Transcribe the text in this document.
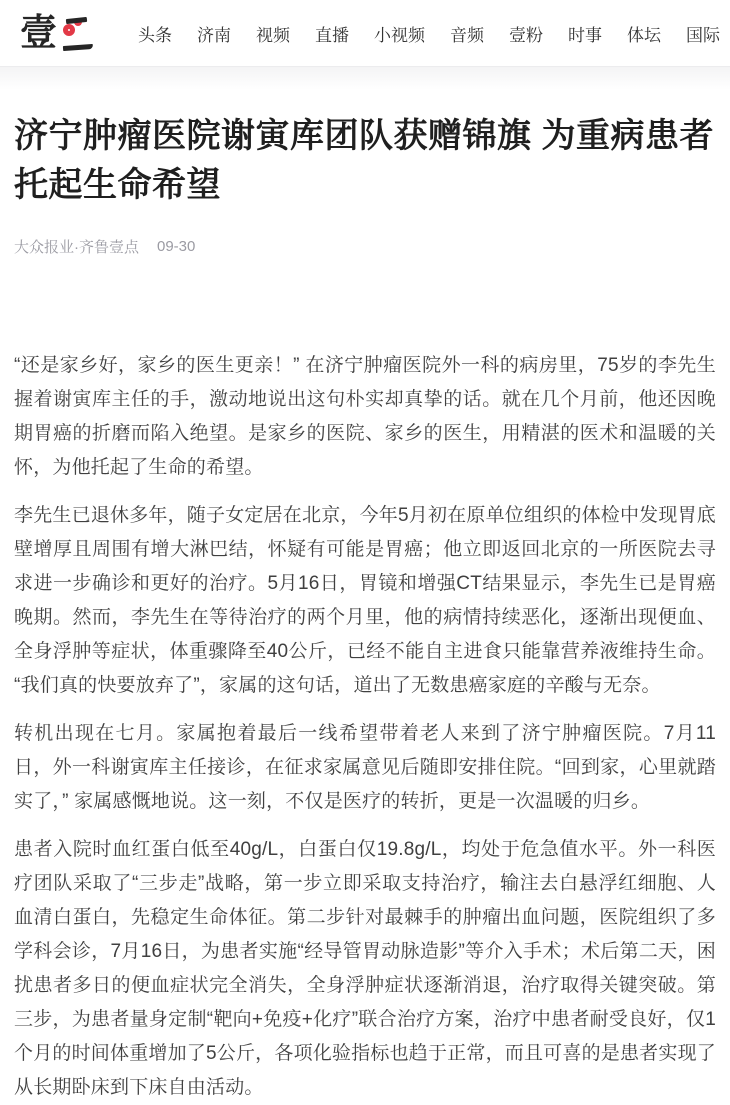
壹	头条 济南 视频 直播 小视频 音频 壹粉 时事 体坛 国际
济宁肿瘤医院谢寅库团队获赠锦旗 为重病患者托起生命希望
大众报业·齐鲁壹点 09-30

“还是家乡好，家乡的医生更亲！” 在济宁肿瘤医院外一科的病房里，75岁的李先生握着谢寅库主任的手，激动地说出这句朴实却真挚的话。就在几个月前，他还因晚期胃癌的折磨而陷入绝望。是家乡的医院、家乡的医生，用精湛的医术和温暖的关怀，为他托起了生命的希望。

李先生已退休多年，随子女定居在北京，今年5月初在原单位组织的体检中发现胃底壁增厚且周围有增大淋巴结，怀疑有可能是胃癌；他立即返回北京的一所医院去寻求进一步确诊和更好的治疗。5月16日，胃镜和增强CT结果显示，李先生已是胃癌晚期。然而，李先生在等待治疗的两个月里，他的病情持续恶化，逐渐出现便血、全身浮肿等症状，体重骤降至40公斤，已经不能自主进食只能靠营养液维持生命。“我们真的快要放弃了”，家属的这句话，道出了无数患癌家庭的辛酸与无奈。

转机出现在七月。家属抱着最后一线希望带着老人来到了济宁肿瘤医院。7月11日，外一科谢寅库主任接诊，在征求家属意见后随即安排住院。“回到家，心里就踏实了，” 家属感慨地说。这一刻，不仅是医疗的转折，更是一次温暖的归乡。

患者入院时血红蛋白低至40g/L，白蛋白仅19.8g/L，均处于危急值水平。外一科医疗团队采取了“三步走”战略，第一步立即采取支持治疗，输注去白悬浮红细胞、人血清白蛋白，先稳定生命体征。第二步针对最棘手的肿瘤出血问题，医院组织了多学科会诊，7月16日，为患者实施“经导管胃动脉造影”等介入手术；术后第二天，困扰患者多日的便血症状完全消失，全身浮肿症状逐渐消退，治疗取得关键突破。第三步，为患者量身定制“靶向+免疫+化疗”联合治疗方案，治疗中患者耐受良好，仅1个月的时间体重增加了5公斤，各项化验指标也趋于正常，而且可喜的是患者实现了从长期卧床到下床自由活动。
